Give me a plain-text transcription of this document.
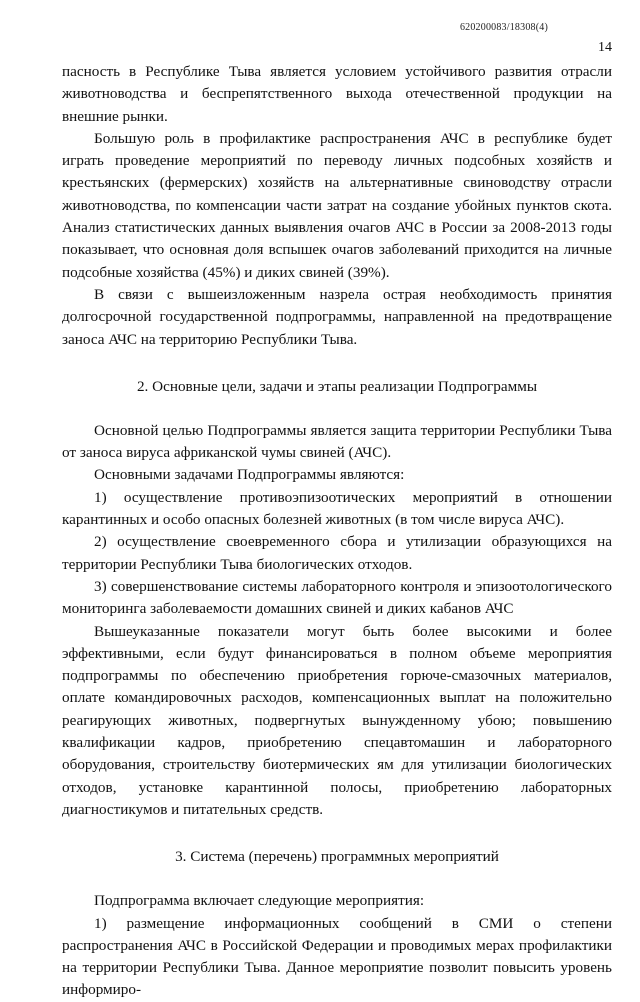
620200083/18308(4)
14

пасность в Республике Тыва является условием устойчивого развития отрасли животноводства и беспрепятственного выхода отечественной продукции на внешние рынки.

Большую роль в профилактике распространения АЧС в республике будет играть проведение мероприятий по переводу личных подсобных хозяйств и крестьянских (фермерских) хозяйств на альтернативные свиноводству отрасли животноводства, по компенсации части затрат на создание убойных пунктов скота. Анализ статистических данных выявления очагов АЧС в России за 2008-2013 годы показывает, что основная доля вспышек очагов заболеваний приходится на личные подсобные хозяйства (45%) и диких свиней (39%).

В связи с вышеизложенным назрела острая необходимость принятия долгосрочной государственной подпрограммы, направленной на предотвращение заноса АЧС на территорию Республики Тыва.

2. Основные цели, задачи и этапы реализации Подпрограммы

Основной целью Подпрограммы является защита территории Республики Тыва от заноса вируса африканской чумы свиней (АЧС).

Основными задачами Подпрограммы являются:

1) осуществление противоэпизоотических мероприятий в отношении карантинных и особо опасных болезней животных (в том числе вируса АЧС).

2) осуществление своевременного сбора и утилизации образующихся на территории Республики Тыва биологических отходов.

3) совершенствование системы лабораторного контроля и эпизоотологического мониторинга заболеваемости домашних свиней и диких кабанов АЧС

Вышеуказанные показатели могут быть более высокими и более эффективными, если будут финансироваться в полном объеме мероприятия подпрограммы по обеспечению приобретения горюче-смазочных материалов, оплате командировочных расходов, компенсационных выплат на положительно реагирующих животных, подвергнутых вынужденному убою; повышению квалификации кадров, приобретению спецавтомашин и лабораторного оборудования, строительству биотермических ям для утилизации биологических отходов, установке карантинной полосы, приобретению лабораторных диагностикумов и питательных средств.

3. Система (перечень) программных мероприятий

Подпрограмма включает следующие мероприятия:

1) размещение информационных сообщений в СМИ о степени распространения АЧС в Российской Федерации и проводимых мерах профилактики на территории Республики Тыва. Данное мероприятие позволит повысить уровень информиро-
